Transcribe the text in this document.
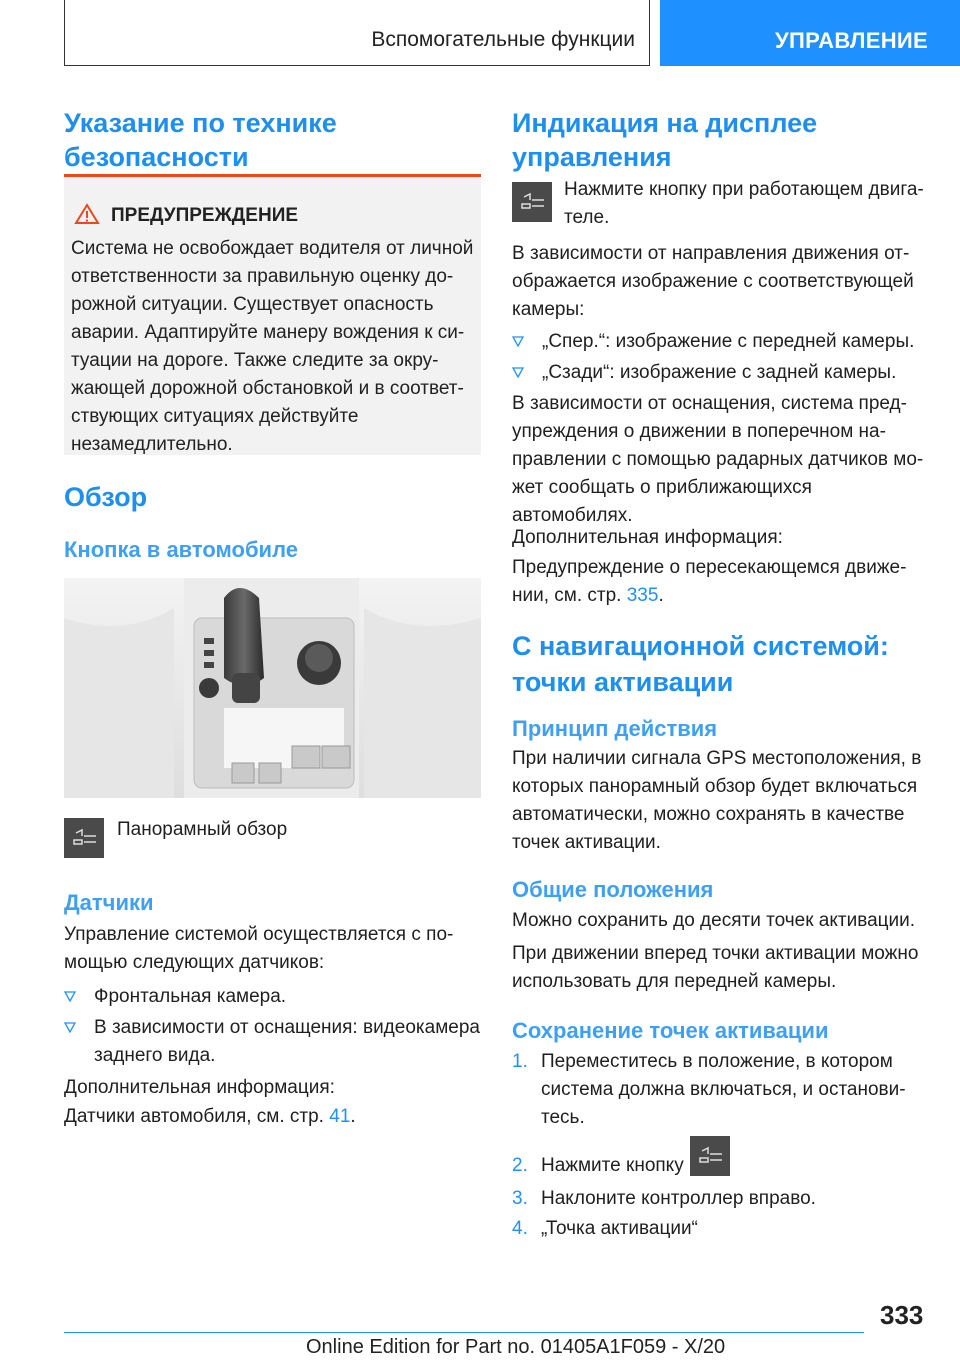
Вспомогательные функции	УПРАВЛЕНИЕ
Указание по технике
безопасности
ПРЕДУПРЕЖДЕНИЕ
Система не освобождает водителя от личной
ответственности за правильную оценку до-
рожной ситуации. Существует опасность
аварии. Адаптируйте манеру вождения к си-
туации на дороге. Также следите за окру-
жающей дорожной обстановкой и в соответ-
ствующих ситуациях действуйте
незамедлительно.
Обзор
Кнопка в автомобиле
Панорамный обзор
Датчики
Управление системой осуществляется с по-
мощью следующих датчиков:
Фронтальная камера.
В зависимости от оснащения: видеокамера
заднего вида.
Дополнительная информация:
Датчики автомобиля, см. стр. 41.
Индикация на дисплее
управления
Нажмите кнопку при работающем двига-
теле.
В зависимости от направления движения от-
ображается изображение с соответствующей
камеры:
„Спер.“: изображение с передней камеры.
„Сзади“: изображение с задней камеры.
В зависимости от оснащения, система пред-
упреждения о движении в поперечном на-
правлении с помощью радарных датчиков мо-
жет сообщать о приближающихся
автомобилях.
Дополнительная информация:
Предупреждение о пересекающемся движе-
нии, см. стр. 335.
С навигационной системой:
точки активации
Принцип действия
При наличии сигнала GPS местоположения, в
которых панорамный обзор будет включаться
автоматически, можно сохранять в качестве
точек активации.
Общие положения
Можно сохранить до десяти точек активации.
При движении вперед точки активации можно
использовать для передней камеры.
Сохранение точек активации
1. Переместитесь в положение, в котором
система должна включаться, и останови-
тесь.
2. Нажмите кнопку
3. Наклоните контроллер вправо.
4. „Точка активации“
333
Online Edition for Part no. 01405A1F059 - X/20
